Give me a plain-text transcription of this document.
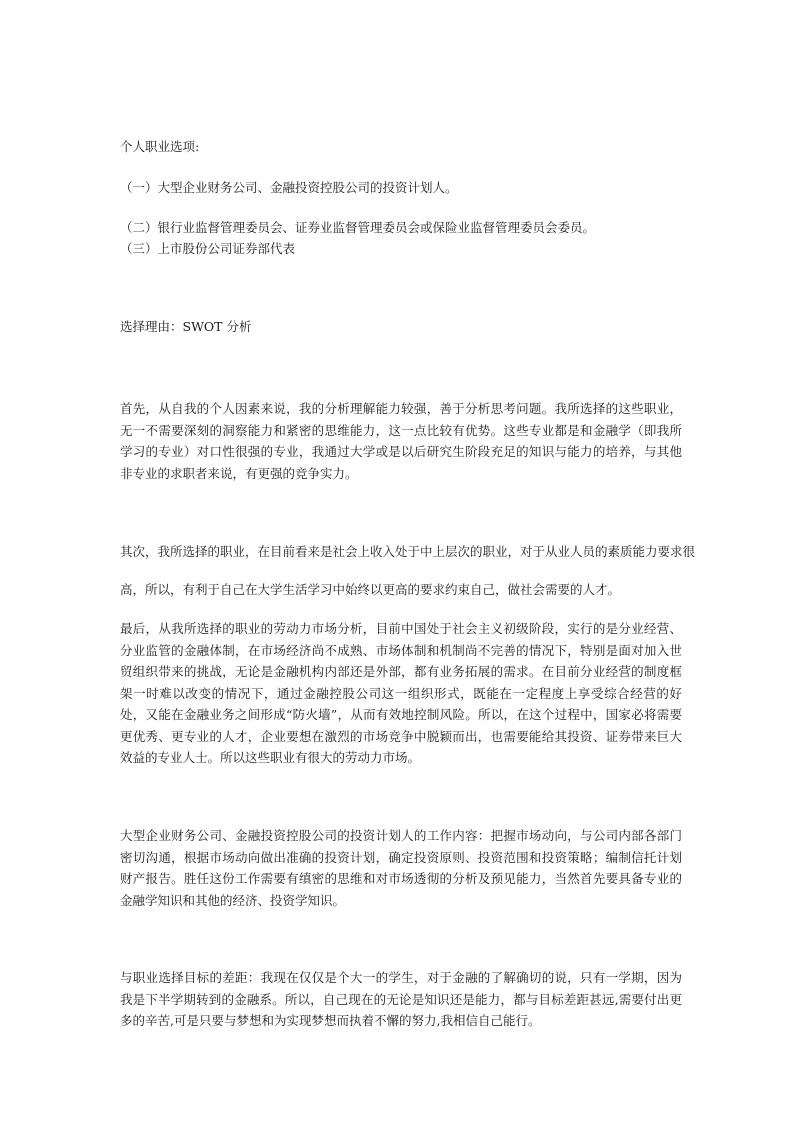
个人职业选项:

（一）大型企业财务公司、金融投资控股公司的投资计划人。

（二）银行业监督管理委员会、证券业监督管理委员会或保险业监督管理委员会委员。

（三）上市股份公司证券部代表

选择理由：SWOT 分析

首先，从自我的个人因素来说，我的分析理解能力较强，善于分析思考问题。我所选择的这些职业，无一不需要深刻的洞察能力和紧密的思维能力，这一点比较有优势。这些专业都是和金融学（即我所学习的专业）对口性很强的专业，我通过大学或是以后研究生阶段充足的知识与能力的培养，与其他非专业的求职者来说，有更强的竞争实力。

其次，我所选择的职业，在目前看来是社会上收入处于中上层次的职业，对于从业人员的素质能力要求很

高，所以，有利于自己在大学生活学习中始终以更高的要求约束自己，做社会需要的人才。

最后，从我所选择的职业的劳动力市场分析，目前中国处于社会主义初级阶段，实行的是分业经营、分业监管的金融体制，在市场经济尚不成熟、市场体制和机制尚不完善的情况下，特别是面对加入世贸组织带来的挑战，无论是金融机构内部还是外部，都有业务拓展的需求。在目前分业经营的制度框架一时难以改变的情况下，通过金融控股公司这一组织形式，既能在一定程度上享受综合经营的好处，又能在金融业务之间形成“防火墙”，从而有效地控制风险。所以，在这个过程中，国家必将需要更优秀、更专业的人才，企业要想在激烈的市场竞争中脱颖而出，也需要能给其投资、证券带来巨大效益的专业人士。所以这些职业有很大的劳动力市场。

大型企业财务公司、金融投资控股公司的投资计划人的工作内容：把握市场动向，与公司内部各部门密切沟通，根据市场动向做出准确的投资计划，确定投资原则、投资范围和投资策略；编制信托计划财产报告。胜任这份工作需要有缜密的思维和对市场透彻的分析及预见能力，当然首先要具备专业的金融学知识和其他的经济、投资学知识。

与职业选择目标的差距：我现在仅仅是个大一的学生，对于金融的了解确切的说，只有一学期，因为我是下半学期转到的金融系。所以，自己现在的无论是知识还是能力，都与目标差距甚远,需要付出更多的辛苦,可是只要与梦想和为实现梦想而执着不懈的努力,我相信自己能行。
